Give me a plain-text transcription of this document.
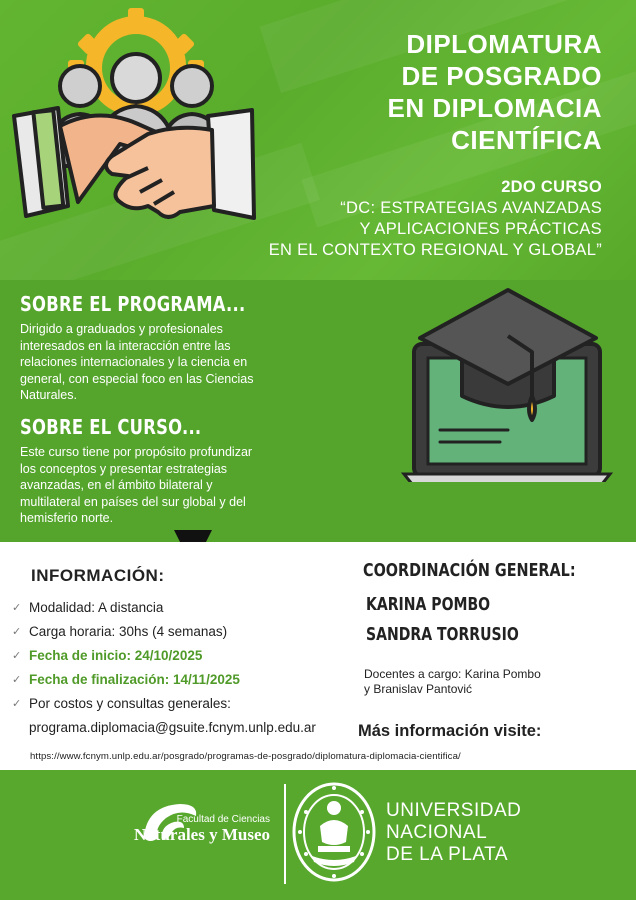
DIPLOMATURA
DE POSGRADO
EN DIPLOMACIA
CIENTÍFICA
2DO CURSO
“DC: ESTRATEGIAS AVANZADAS
Y APLICACIONES PRÁCTICAS
EN EL CONTEXTO REGIONAL Y GLOBAL”
SOBRE EL PROGRAMA...
Dirigido a graduados y profesionales interesados en la interacción entre las relaciones internacionales y la ciencia en general, con especial foco en las Ciencias Naturales.
SOBRE EL CURSO...
Este curso tiene por propósito profundizar los conceptos y presentar estrategias avanzadas, en el ámbito bilateral y multilateral en países del sur global y del hemisferio norte.
INFORMACIÓN:
✓ Modalidad: A distancia
✓ Carga horaria: 30hs (4 semanas)
✓ Fecha de inicio: 24/10/2025
✓ Fecha de finalización: 14/11/2025
✓ Por costos y consultas generales:
programa.diplomacia@gsuite.fcnym.unlp.edu.ar
COORDINACIÓN GENERAL:
KARINA POMBO
SANDRA TORRUSIO
Docentes a cargo: Karina Pombo
y Branislav Pantović
Más información visite:
https://www.fcnym.unlp.edu.ar/posgrado/programas-de-posgrado/diplomatura-diplomacia-cientifica/
Facultad de Ciencias
Naturales y Museo
UNIVERSIDAD
NACIONAL
DE LA PLATA
